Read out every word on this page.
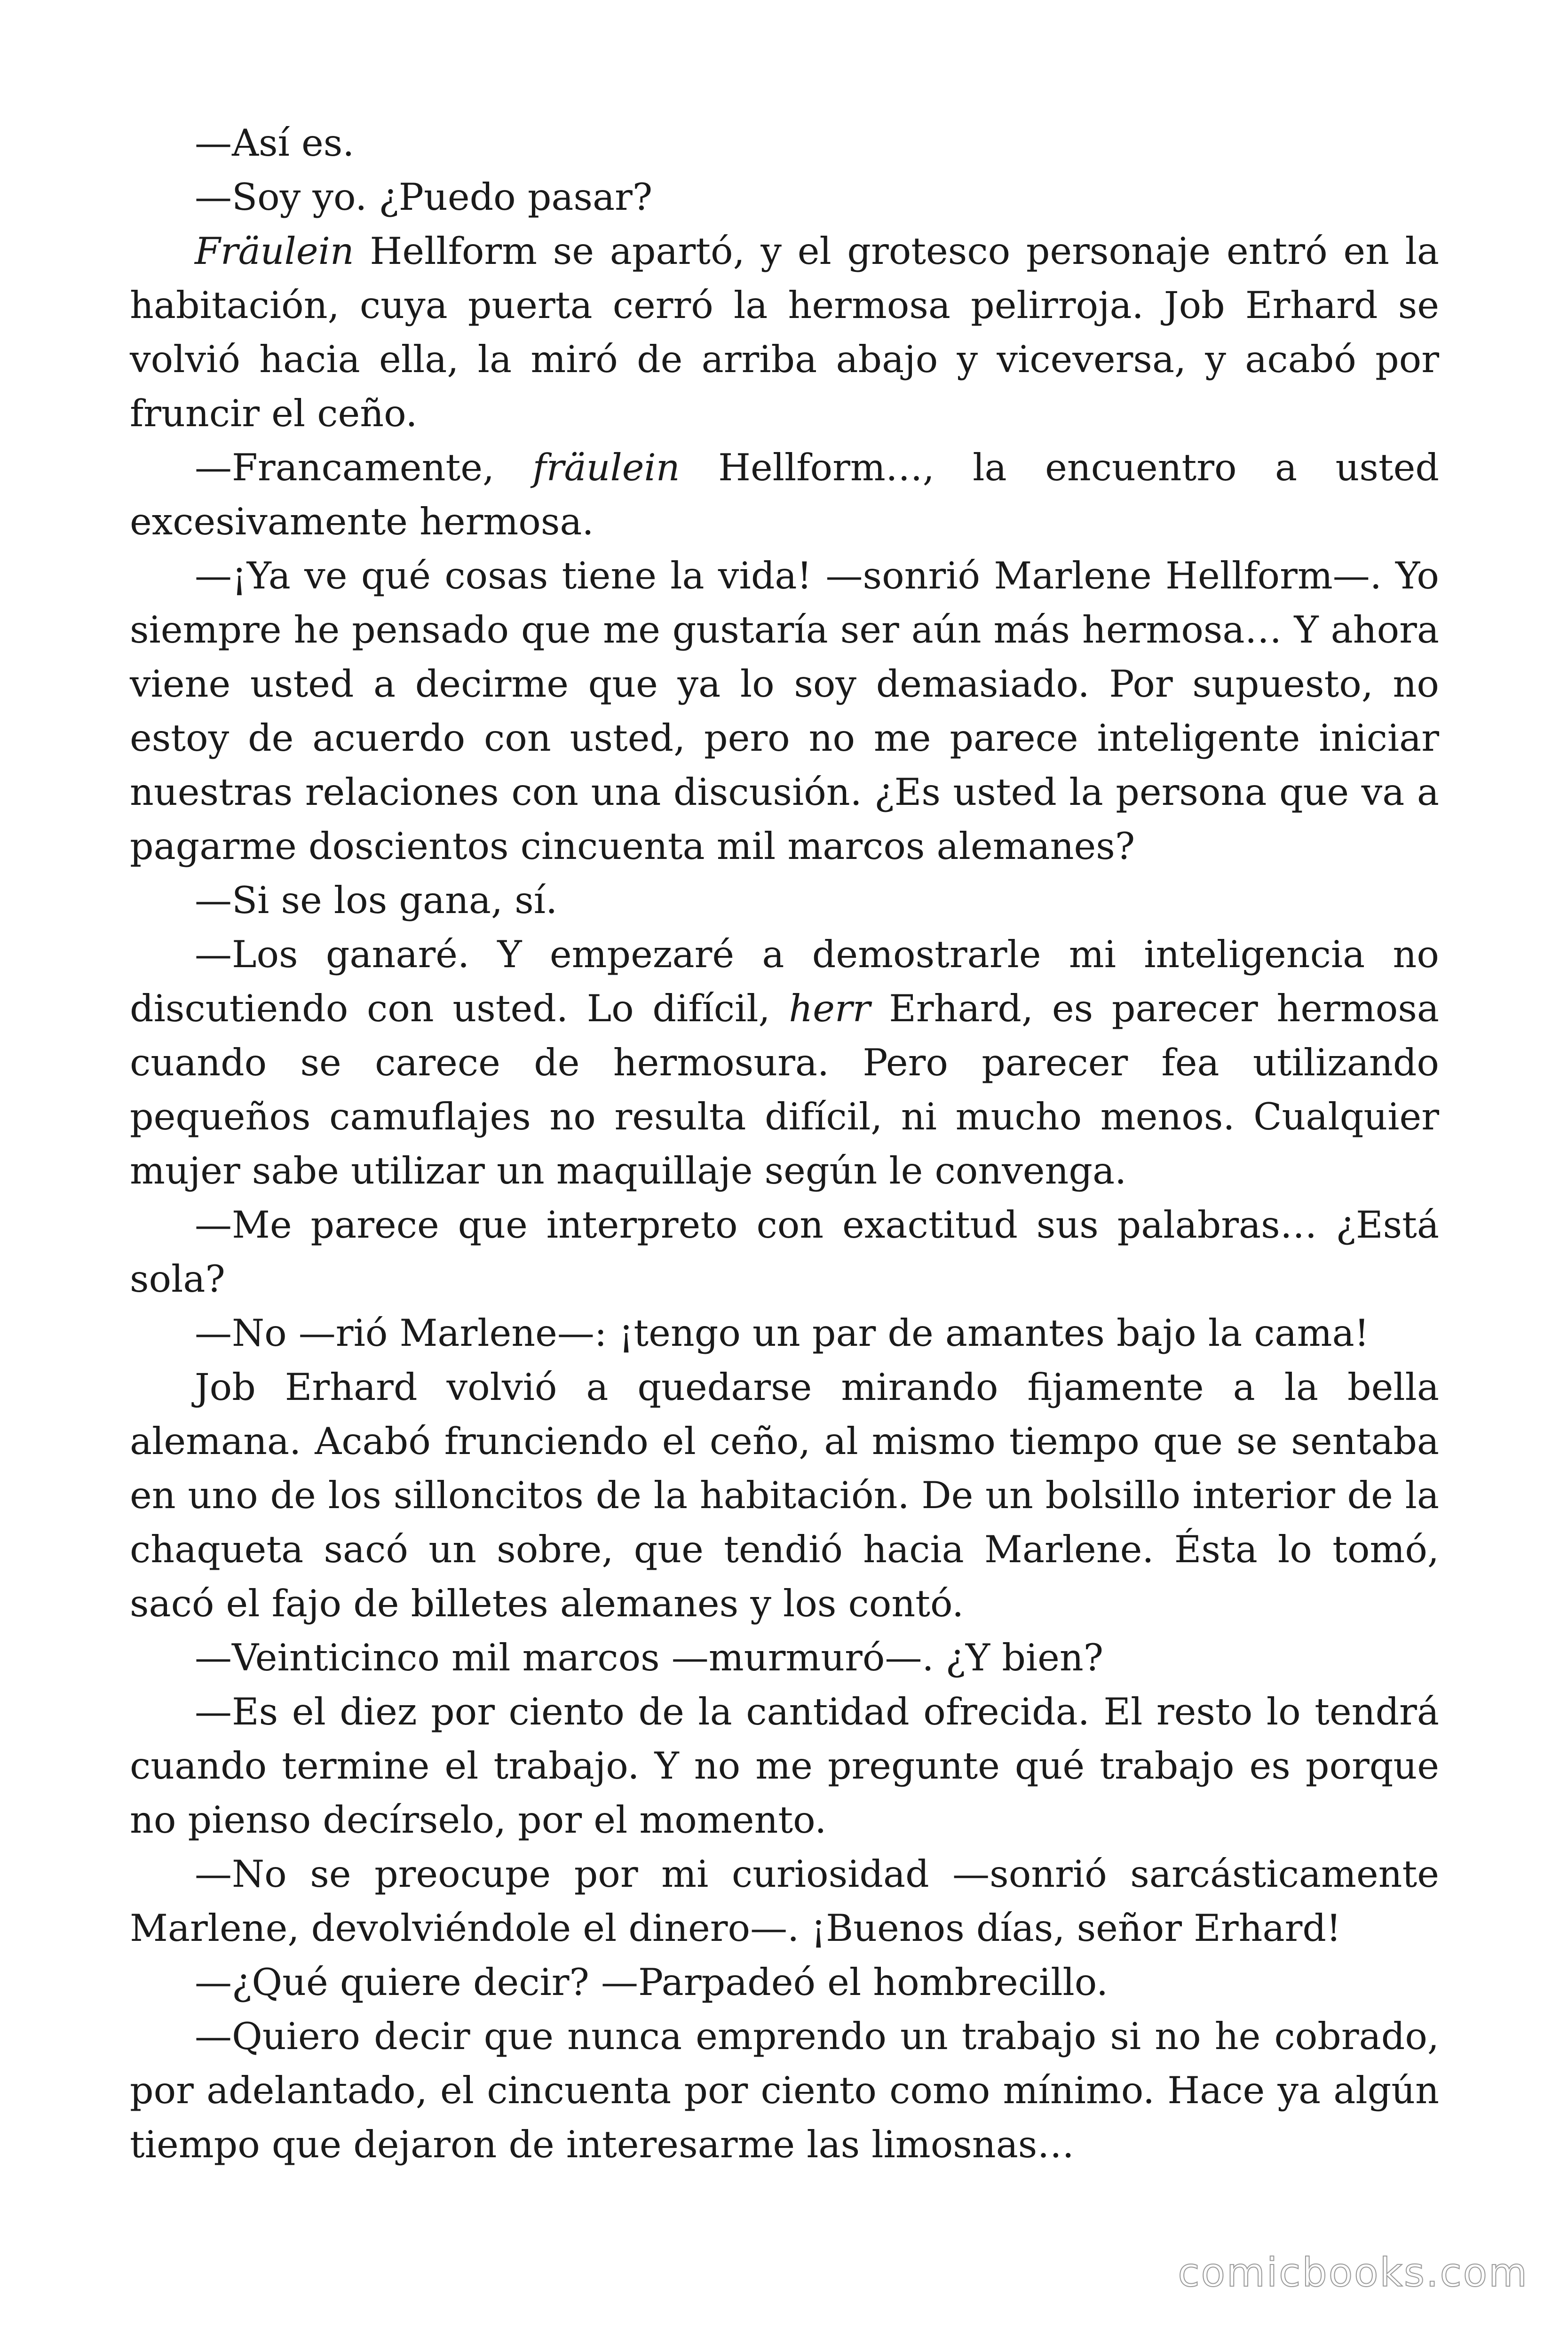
—Así es.

—Soy yo. ¿Puedo pasar?

Fräulein Hellform se apartó, y el grotesco personaje entró en la habitación, cuya puerta cerró la hermosa pelirroja. Job Erhard se volvió hacia ella, la miró de arriba abajo y viceversa, y acabó por fruncir el ceño.

—Francamente, fräulein Hellform…, la encuentro a usted excesivamente hermosa.

—¡Ya ve qué cosas tiene la vida! —sonrió Marlene Hellform—. Yo siempre he pensado que me gustaría ser aún más hermosa… Y ahora viene usted a decirme que ya lo soy demasiado. Por supuesto, no estoy de acuerdo con usted, pero no me parece inteligente iniciar nuestras relaciones con una discusión. ¿Es usted la persona que va a pagarme doscientos cincuenta mil marcos alemanes?

—Si se los gana, sí.

—Los ganaré. Y empezaré a demostrarle mi inteligencia no discutiendo con usted. Lo difícil, herr Erhard, es parecer hermosa cuando se carece de hermosura. Pero parecer fea utilizando pequeños camuflajes no resulta difícil, ni mucho menos. Cualquier mujer sabe utilizar un maquillaje según le convenga.

—Me parece que interpreto con exactitud sus palabras… ¿Está sola?

—No —rió Marlene—: ¡tengo un par de amantes bajo la cama!

Job Erhard volvió a quedarse mirando fijamente a la bella alemana. Acabó frunciendo el ceño, al mismo tiempo que se sentaba en uno de los silloncitos de la habitación. De un bolsillo interior de la chaqueta sacó un sobre, que tendió hacia Marlene. Ésta lo tomó, sacó el fajo de billetes alemanes y los contó.

—Veinticinco mil marcos —murmuró—. ¿Y bien?

—Es el diez por ciento de la cantidad ofrecida. El resto lo tendrá cuando termine el trabajo. Y no me pregunte qué trabajo es porque no pienso decírselo, por el momento.

—No se preocupe por mi curiosidad —sonrió sarcásticamente Marlene, devolviéndole el dinero—. ¡Buenos días, señor Erhard!

—¿Qué quiere decir? —Parpadeó el hombrecillo.

—Quiero decir que nunca emprendo un trabajo si no he cobrado, por adelantado, el cincuenta por ciento como mínimo. Hace ya algún tiempo que dejaron de interesarme las limosnas…

comicbooks.com
